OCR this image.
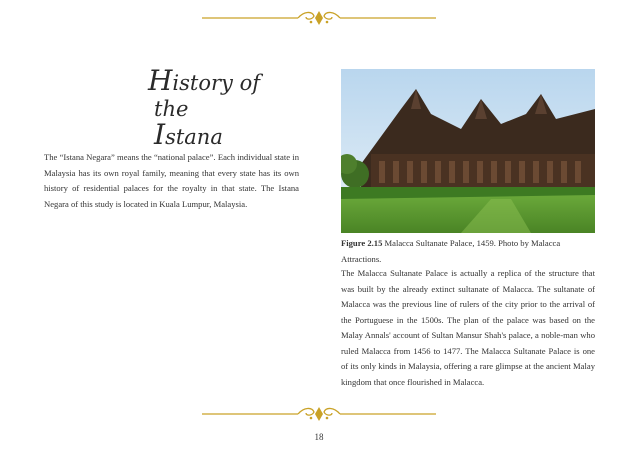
History of
the Istana
The “Istana Negara” means the “national palace”. Each individual state in Malaysia has its own royal family, meaning that every state has its own history of residential palaces for the royalty in that state. The Istana Negara of this study is located in Kuala Lumpur, Malaysia.
Figure 2.15 Malacca Sultanate Palace, 1459. Photo by Malacca Attractions.
The Malacca Sultanate Palace is actually a replica of the structure that was built by the already extinct sultanate of Malacca. The sultanate of Malacca was the previous line of rulers of the city prior to the arrival of the Portuguese in the 1500s. The plan of the palace was based on the Malay Annals' account of Sultan Mansur Shah's palace, a noble-man who ruled Malacca from 1456 to 1477. The Malacca Sultanate Palace is one of its only kinds in Malaysia, offering a rare glimpse at the ancient Malay kingdom that once flourished in Malacca.
18
